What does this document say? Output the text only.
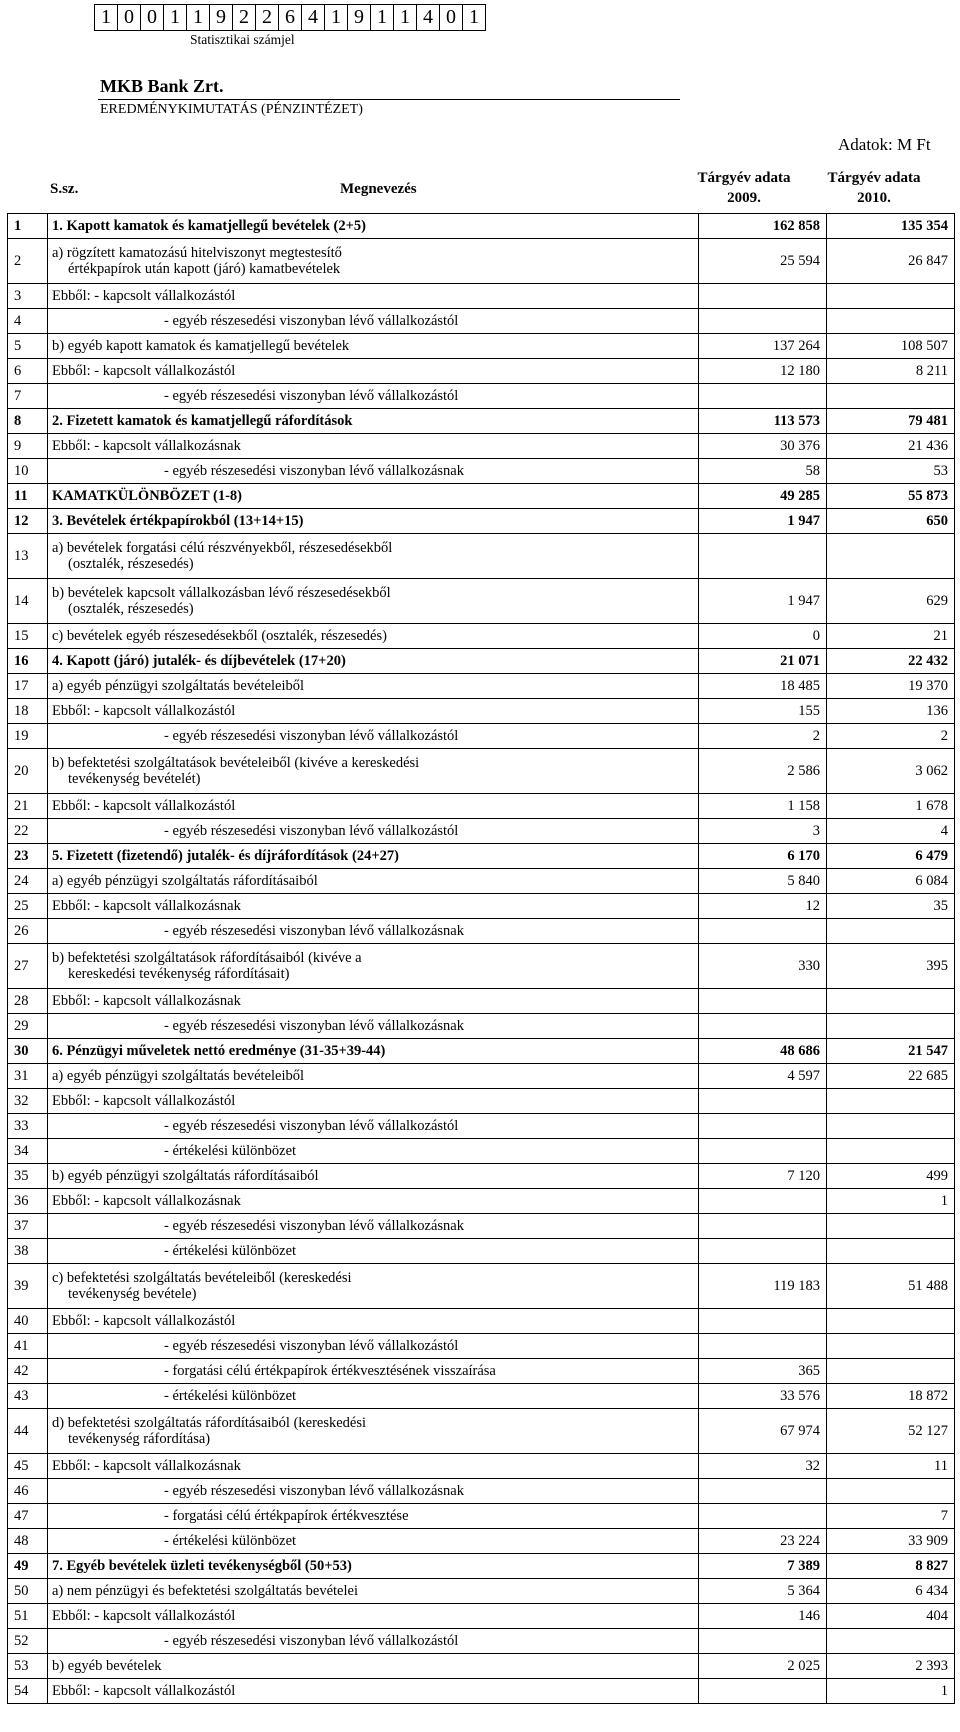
1 0 0 1 1 9 2 2 6 4 1 9 1 1 4 0 1
Statisztikai számjel
MKB Bank Zrt.
EREDMÉNYKIMUTATÁS (PÉNZINTÉZET)
Adatok: M Ft
S.sz.	Megnevezés
Tárgyév adata
2009.
Tárgyév adata
2010.
1	1. Kapott kamatok és kamatjellegű bevételek (2+5)	162 858	135 354
2	a) rögzített kamatozású hitelviszonyt megtestesítő
értékpapírok után kapott (járó) kamatbevételek	25 594	26 847
3	Ebből: - kapcsolt vállalkozástól		

4	- egyéb részesedési viszonyban lévő vállalkozástól		

5	b) egyéb kapott kamatok és kamatjellegű bevételek	137 264	108 507
6	Ebből: - kapcsolt vállalkozástól	12 180	8 211
7	- egyéb részesedési viszonyban lévő vállalkozástól		

8	2. Fizetett kamatok és kamatjellegű ráfordítások	113 573	79 481
9	Ebből: - kapcsolt vállalkozásnak	30 376	21 436
10	- egyéb részesedési viszonyban lévő vállalkozásnak	58	53
11	KAMATKÜLÖNBÖZET (1-8)	49 285	55 873
12	3. Bevételek értékpapírokból (13+14+15)	1 947	650
13	a) bevételek forgatási célú részvényekből, részesedésekből
(osztalék, részesedés)		

14	b) bevételek kapcsolt vállalkozásban lévő részesedésekből
(osztalék, részesedés)	1 947	629
15	c) bevételek egyéb részesedésekből (osztalék, részesedés)	0	21
16	4. Kapott (járó) jutalék- és díjbevételek (17+20)	21 071	22 432
17	a) egyéb pénzügyi szolgáltatás bevételeiből	18 485	19 370
18	Ebből: - kapcsolt vállalkozástól	155	136
19	- egyéb részesedési viszonyban lévő vállalkozástól	2	2
20	b) befektetési szolgáltatások bevételeiből (kivéve a kereskedési
tevékenység bevételét)	2 586	3 062
21	Ebből: - kapcsolt vállalkozástól	1 158	1 678
22	- egyéb részesedési viszonyban lévő vállalkozástól	3	4
23	5. Fizetett (fizetendő) jutalék- és díjráfordítások (24+27)	6 170	6 479
24	a) egyéb pénzügyi szolgáltatás ráfordításaiból	5 840	6 084
25	Ebből: - kapcsolt vállalkozásnak	12	35
26	- egyéb részesedési viszonyban lévő vállalkozásnak		

27	b) befektetési szolgáltatások ráfordításaiból (kivéve a
kereskedési tevékenység ráfordításait)	330	395
28	Ebből: - kapcsolt vállalkozásnak		

29	- egyéb részesedési viszonyban lévő vállalkozásnak		

30	6. Pénzügyi műveletek nettó eredménye (31-35+39-44)	48 686	21 547
31	a) egyéb pénzügyi szolgáltatás bevételeiből	4 597	22 685
32	Ebből: - kapcsolt vállalkozástól		

33	- egyéb részesedési viszonyban lévő vállalkozástól		

34	- értékelési különbözet		

35	b) egyéb pénzügyi szolgáltatás ráfordításaiból	7 120	499
36	Ebből: - kapcsolt vállalkozásnak		1
37	- egyéb részesedési viszonyban lévő vállalkozásnak		

38	- értékelési különbözet		

39	c) befektetési szolgáltatás bevételeiből (kereskedési
tevékenység bevétele)	119 183	51 488
40	Ebből: - kapcsolt vállalkozástól		

41	- egyéb részesedési viszonyban lévő vállalkozástól		

42	- forgatási célú értékpapírok értékvesztésének visszaírása	365	
43	- értékelési különbözet	33 576	18 872
44	d) befektetési szolgáltatás ráfordításaiból (kereskedési
tevékenység ráfordítása)	67 974	52 127
45	Ebből: - kapcsolt vállalkozásnak	32	11
46	- egyéb részesedési viszonyban lévő vállalkozásnak		

47	- forgatási célú értékpapírok értékvesztése		7
48	- értékelési különbözet	23 224	33 909
49	7. Egyéb bevételek üzleti tevékenységből (50+53)	7 389	8 827
50	a) nem pénzügyi és befektetési szolgáltatás bevételei	5 364	6 434
51	Ebből: - kapcsolt vállalkozástól	146	404
52	- egyéb részesedési viszonyban lévő vállalkozástól		

53	b) egyéb bevételek	2 025	2 393
54	Ebből: - kapcsolt vállalkozástól		1
